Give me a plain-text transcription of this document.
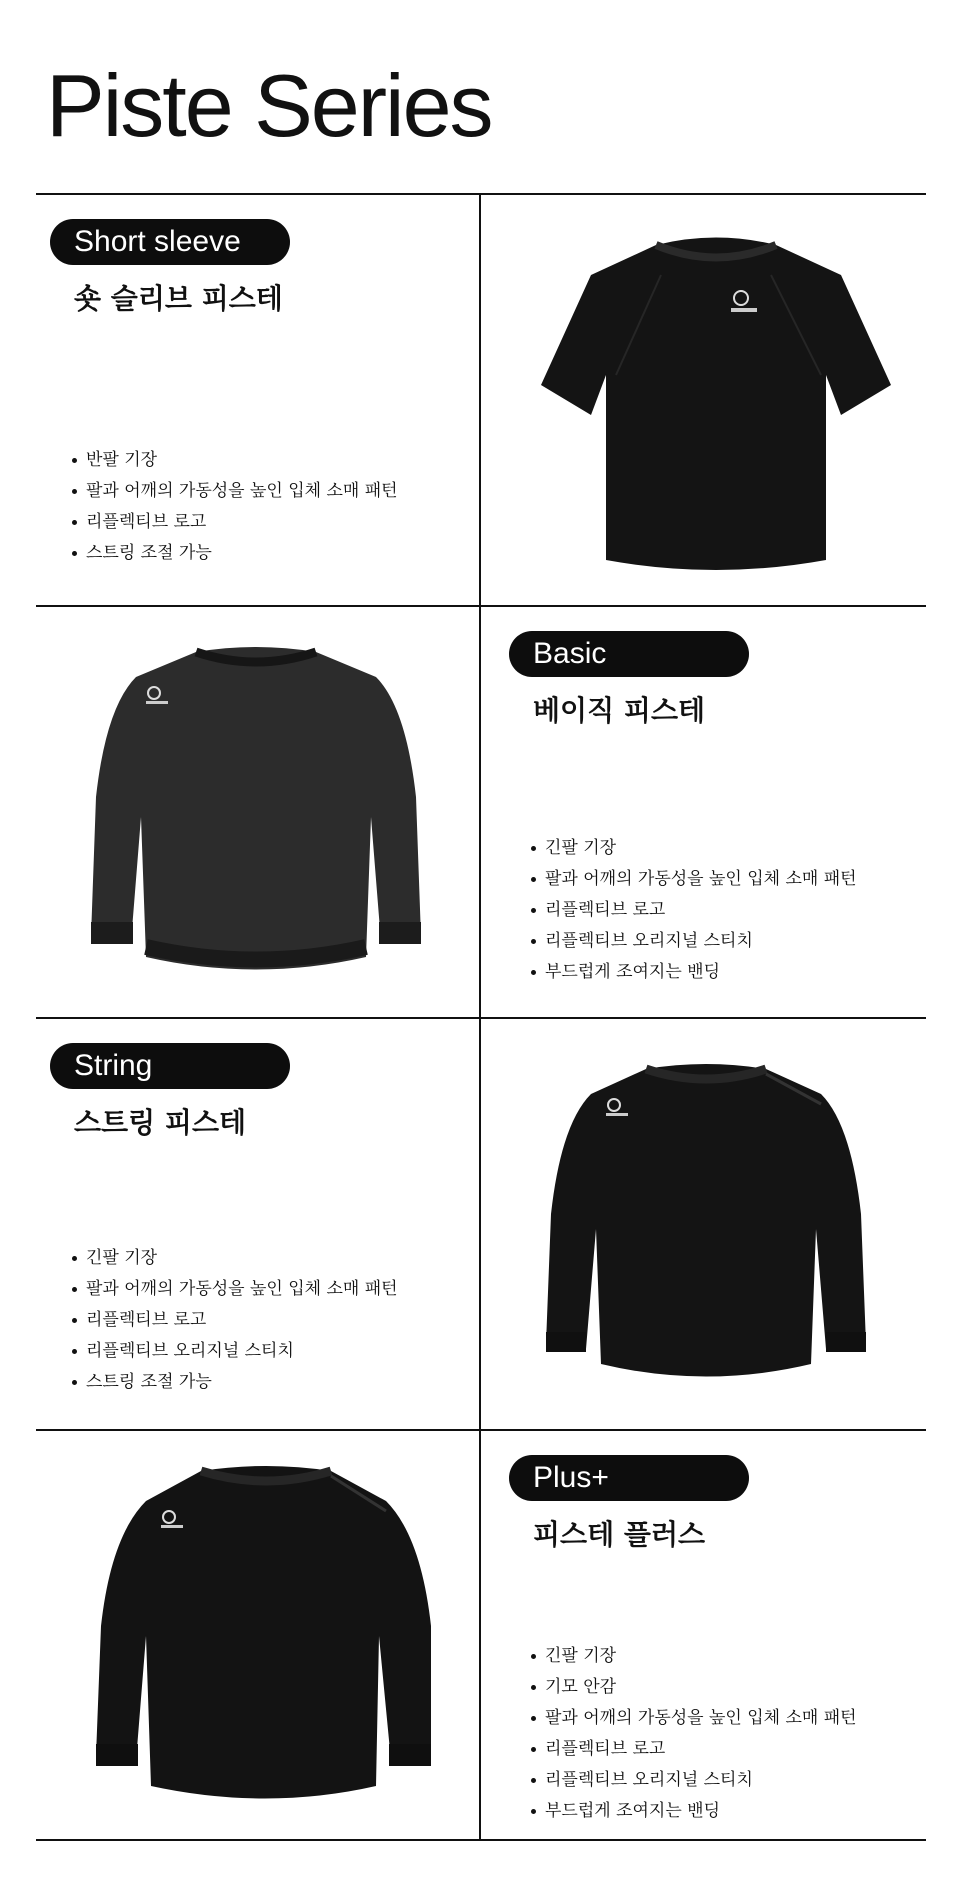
Piste Series
Short sleeve
숏 슬리브 피스테
반팔 기장
팔과 어깨의 가동성을 높인 입체 소매 패턴
리플렉티브 로고
스트링 조절 가능
Basic
베이직 피스테
긴팔 기장
팔과 어깨의 가동성을 높인 입체 소매 패턴
리플렉티브 로고
리플렉티브 오리지널 스티치
부드럽게 조여지는 밴딩
String
스트링 피스테
긴팔 기장
팔과 어깨의 가동성을 높인 입체 소매 패턴
리플렉티브 로고
리플렉티브 오리지널 스티치
스트링 조절 가능
Plus+
피스테 플러스
긴팔 기장
기모 안감
팔과 어깨의 가동성을 높인 입체 소매 패턴
리플렉티브 로고
리플렉티브 오리지널 스티치
부드럽게 조여지는 밴딩
